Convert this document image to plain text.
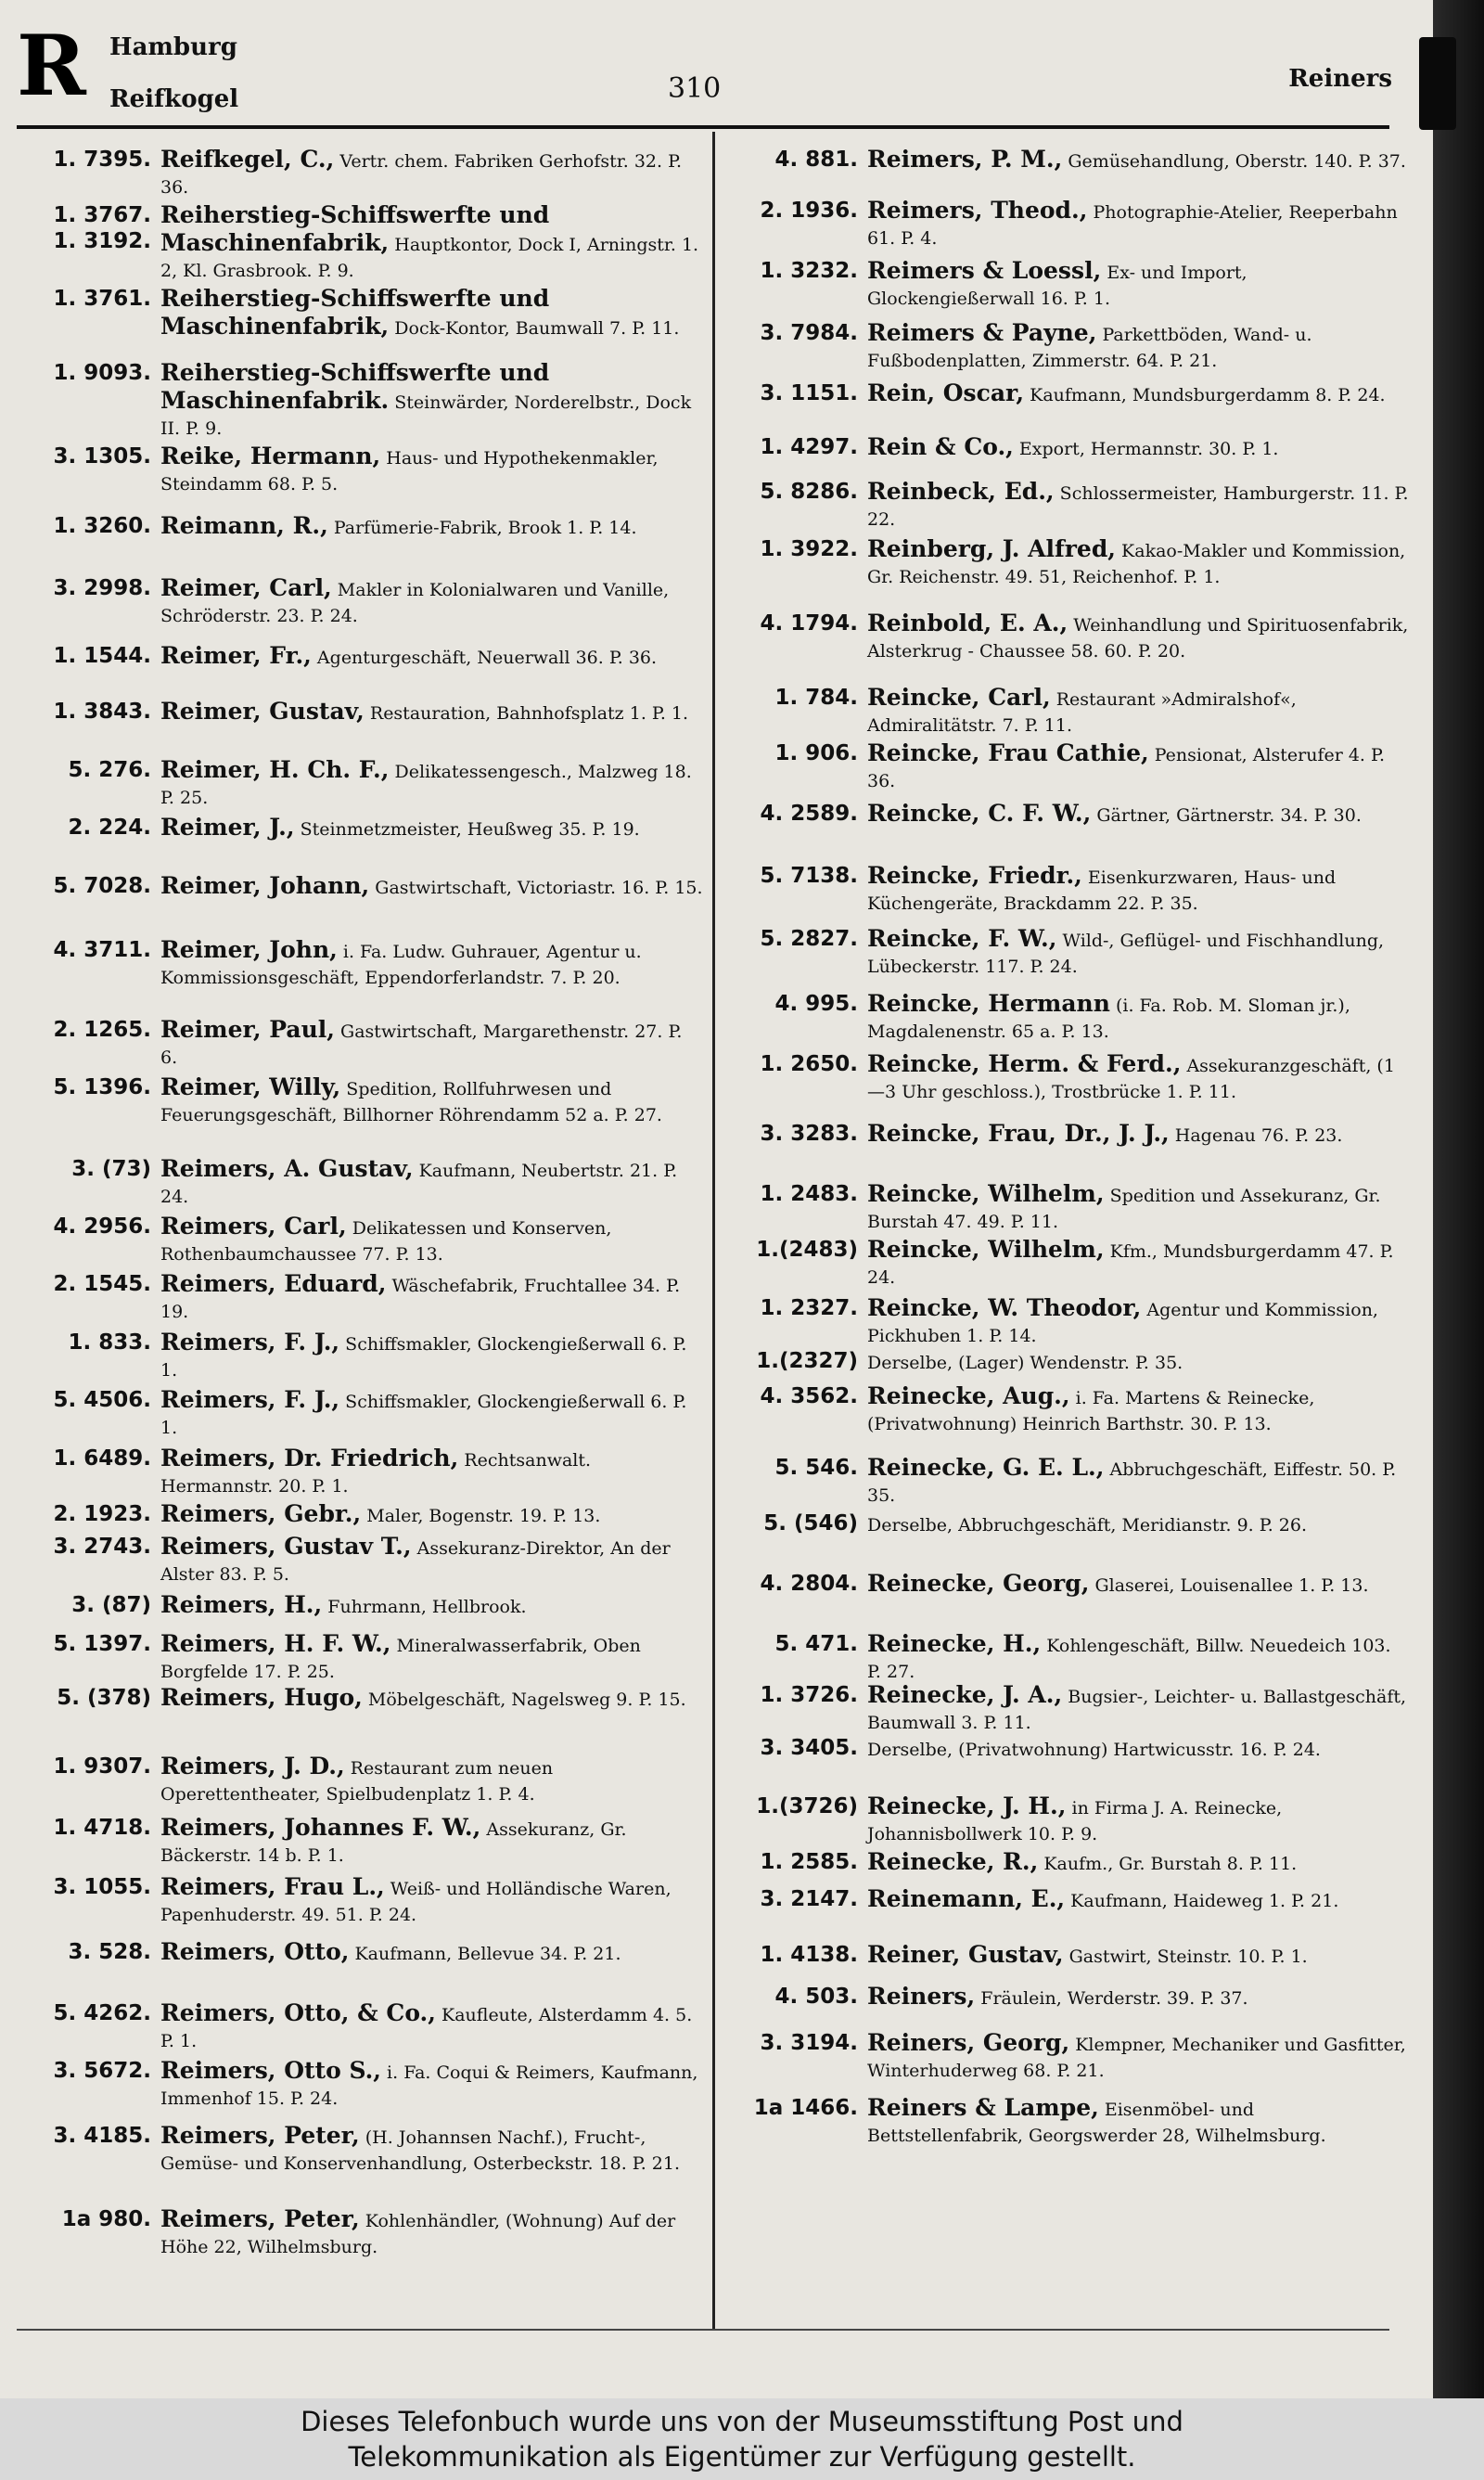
R Hamburg
Reifkogel	310	Reiners
1. 7395. Reifkegel, C., Vertr. chem. Fabriken Gerhofstr. 32. P. 36.
1. 3767.
1. 3192.
Reiherstieg-Schiffswerfte und Maschinenfabrik, Hauptkontor, Dock I, Arningstr. 1. 2, Kl. Grasbrook. P. 9.
1. 3761. Reiherstieg-Schiffswerfte und Maschinenfabrik, Dock-Kontor, Baumwall 7. P. 11.
1. 9093. Reiherstieg-Schiffswerfte und Maschinenfabrik. Steinwärder, Norderelbstr., Dock II. P. 9.
3. 1305. Reike, Hermann, Haus- und Hypothekenmakler, Steindamm 68. P. 5.
1. 3260. Reimann, R., Parfümerie-Fabrik, Brook 1. P. 14.
3. 2998. Reimer, Carl, Makler in Kolonialwaren und Vanille, Schröderstr. 23. P. 24.
1. 1544. Reimer, Fr., Agenturgeschäft, Neuerwall 36. P. 36.
1. 3843. Reimer, Gustav, Restauration, Bahnhofsplatz 1. P. 1.
5. 276. Reimer, H. Ch. F., Delikatessengesch., Malzweg 18. P. 25.
2. 224. Reimer, J., Steinmetzmeister, Heußweg 35. P. 19.
5. 7028. Reimer, Johann, Gastwirtschaft, Victoriastr. 16. P. 15.
4. 3711. Reimer, John, i. Fa. Ludw. Guhrauer, Agentur u. Kommissionsgeschäft, Eppendorferlandstr. 7. P. 20.
2. 1265. Reimer, Paul, Gastwirtschaft, Margarethenstr. 27. P. 6.
5. 1396. Reimer, Willy, Spedition, Rollfuhrwesen und Feuerungsgeschäft, Billhorner Röhrendamm 52 a. P. 27.
3. (73) Reimers, A. Gustav, Kaufmann, Neubertstr. 21. P. 24.
4. 2956. Reimers, Carl, Delikatessen und Konserven, Rothenbaumchaussee 77. P. 13.
2. 1545. Reimers, Eduard, Wäschefabrik, Fruchtallee 34. P. 19.
1. 833. Reimers, F. J., Schiffsmakler, Glockengießerwall 6. P. 1.
5. 4506. Reimers, F. J., Schiffsmakler, Glockengießerwall 6. P. 1.
1. 6489. Reimers, Dr. Friedrich, Rechtsanwalt. Hermannstr. 20. P. 1.
2. 1923. Reimers, Gebr., Maler, Bogenstr. 19. P. 13.
3. 2743. Reimers, Gustav T., Assekuranz-Direktor, An der Alster 83. P. 5.
3. (87) Reimers, H., Fuhrmann, Hellbrook.
5. 1397. Reimers, H. F. W., Mineralwasserfabrik, Oben Borgfelde 17. P. 25.
5. (378) Reimers, Hugo, Möbelgeschäft, Nagelsweg 9. P. 15.
1. 9307. Reimers, J. D., Restaurant zum neuen Operettentheater, Spielbudenplatz 1. P. 4.
1. 4718. Reimers, Johannes F. W., Assekuranz, Gr. Bäckerstr. 14 b. P. 1.
3. 1055. Reimers, Frau L., Weiß- und Holländische Waren, Papenhuderstr. 49. 51. P. 24.
3. 528. Reimers, Otto, Kaufmann, Bellevue 34. P. 21.
5. 4262. Reimers, Otto, & Co., Kaufleute, Alsterdamm 4. 5. P. 1.
3. 5672. Reimers, Otto S., i. Fa. Coqui & Reimers, Kaufmann, Immenhof 15. P. 24.
3. 4185. Reimers, Peter, (H. Johannsen Nachf.), Frucht-, Gemüse- und Konservenhandlung, Osterbeckstr. 18. P. 21.
1a 980. Reimers, Peter, Kohlenhändler, (Wohnung) Auf der Höhe 22, Wilhelmsburg.
4. 881. Reimers, P. M., Gemüsehandlung, Oberstr. 140. P. 37.
2. 1936. Reimers, Theod., Photographie-Atelier, Reeperbahn 61. P. 4.
1. 3232. Reimers & Loessl, Ex- und Import, Glockengießerwall 16. P. 1.
3. 7984. Reimers & Payne, Parkettböden, Wand- u. Fußbodenplatten, Zimmerstr. 64. P. 21.
3. 1151. Rein, Oscar, Kaufmann, Mundsburgerdamm 8. P. 24.
1. 4297. Rein & Co., Export, Hermannstr. 30. P. 1.
5. 8286. Reinbeck, Ed., Schlossermeister, Hamburgerstr. 11. P. 22.
1. 3922. Reinberg, J. Alfred, Kakao-Makler und Kommission, Gr. Reichenstr. 49. 51, Reichenhof. P. 1.
4. 1794. Reinbold, E. A., Weinhandlung und Spirituosenfabrik, Alsterkrug - Chaussee 58. 60. P. 20.
1. 784. Reincke, Carl, Restaurant »Admiralshof«, Admiralitätstr. 7. P. 11.
1. 906. Reincke, Frau Cathie, Pensionat, Alsterufer 4. P. 36.
4. 2589. Reincke, C. F. W., Gärtner, Gärtnerstr. 34. P. 30.
5. 7138. Reincke, Friedr., Eisenkurzwaren, Haus- und Küchengeräte, Brackdamm 22. P. 35.
5. 2827. Reincke, F. W., Wild-, Geflügel- und Fischhandlung, Lübeckerstr. 117. P. 24.
4. 995. Reincke, Hermann (i. Fa. Rob. M. Sloman jr.), Magdalenenstr. 65 a. P. 13.
1. 2650. Reincke, Herm. & Ferd., Assekuranzgeschäft, (1—3 Uhr geschloss.), Trostbrücke 1. P. 11.
3. 3283. Reincke, Frau, Dr., J. J., Hagenau 76. P. 23.
1. 2483. Reincke, Wilhelm, Spedition und Assekuranz, Gr. Burstah 47. 49. P. 11.
1.(2483) Reincke, Wilhelm, Kfm., Mundsburgerdamm 47. P. 24.
1. 2327. Reincke, W. Theodor, Agentur und Kommission, Pickhuben 1. P. 14.
1.(2327) Derselbe, (Lager) Wendenstr. P. 35.
4. 3562. Reinecke, Aug., i. Fa. Martens & Reinecke, (Privatwohnung) Heinrich Barthstr. 30. P. 13.
5. 546. Reinecke, G. E. L., Abbruchgeschäft, Eiffestr. 50. P. 35.
5. (546) Derselbe, Abbruchgeschäft, Meridianstr. 9. P. 26.
4. 2804. Reinecke, Georg, Glaserei, Louisenallee 1. P. 13.
5. 471. Reinecke, H., Kohlengeschäft, Billw. Neuedeich 103. P. 27.
1. 3726. Reinecke, J. A., Bugsier-, Leichter- u. Ballastgeschäft, Baumwall 3. P. 11.
3. 3405. Derselbe, (Privatwohnung) Hartwicusstr. 16. P. 24.
1.(3726) Reinecke, J. H., in Firma J. A. Reinecke, Johannisbollwerk 10. P. 9.
1. 2585. Reinecke, R., Kaufm., Gr. Burstah 8. P. 11.
3. 2147. Reinemann, E., Kaufmann, Haideweg 1. P. 21.
1. 4138. Reiner, Gustav, Gastwirt, Steinstr. 10. P. 1.
4. 503. Reiners, Fräulein, Werderstr. 39. P. 37.
3. 3194. Reiners, Georg, Klempner, Mechaniker und Gasfitter, Winterhuderweg 68. P. 21.
1a 1466. Reiners & Lampe, Eisenmöbel- und Bettstellenfabrik, Georgswerder 28, Wilhelmsburg.
Dieses Telefonbuch wurde uns von der Museumsstiftung Post und
Telekommunikation als Eigentümer zur Verfügung gestellt.
